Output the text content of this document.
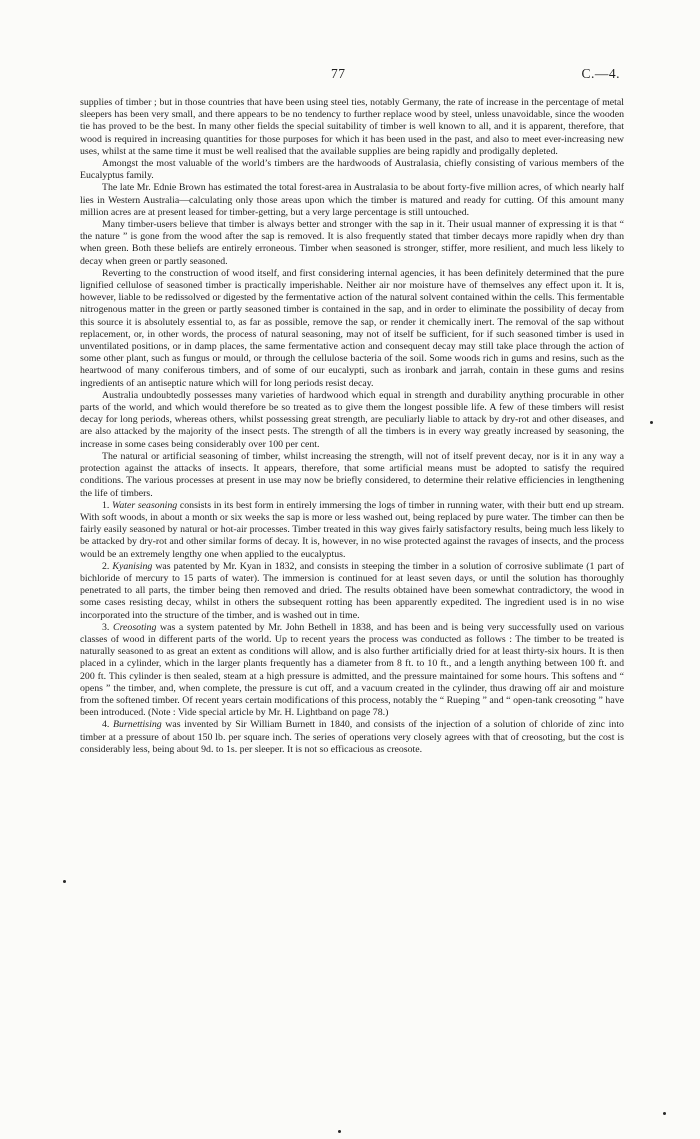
77	C.—4.

supplies of timber ; but in those countries that have been using steel ties, notably Germany, the rate of increase in the percentage of metal sleepers has been very small, and there appears to be no tendency to further replace wood by steel, unless unavoidable, since the wooden tie has proved to be the best. In many other fields the special suitability of timber is well known to all, and it is apparent, therefore, that wood is required in increasing quantities for those purposes for which it has been used in the past, and also to meet ever-increasing new uses, whilst at the same time it must be well realised that the available supplies are being rapidly and prodigally depleted.

Amongst the most valuable of the world’s timbers are the hardwoods of Australasia, chiefly consisting of various members of the Eucalyptus family.

The late Mr. Ednie Brown has estimated the total forest-area in Australasia to be about forty-five million acres, of which nearly half lies in Western Australia—calculating only those areas upon which the timber is matured and ready for cutting. Of this amount many million acres are at present leased for timber-getting, but a very large percentage is still untouched.

Many timber-users believe that timber is always better and stronger with the sap in it. Their usual manner of expressing it is that “ the nature ” is gone from the wood after the sap is removed. It is also frequently stated that timber decays more rapidly when dry than when green. Both these beliefs are entirely erroneous. Timber when seasoned is stronger, stiffer, more resilient, and much less likely to decay when green or partly seasoned.

Reverting to the construction of wood itself, and first considering internal agencies, it has been definitely determined that the pure lignified cellulose of seasoned timber is practically imperishable. Neither air nor moisture have of themselves any effect upon it. It is, however, liable to be redissolved or digested by the fermentative action of the natural solvent contained within the cells. This fermentable nitrogenous matter in the green or partly seasoned timber is contained in the sap, and in order to eliminate the possibility of decay from this source it is absolutely essential to, as far as possible, remove the sap, or render it chemically inert. The removal of the sap without replacement, or, in other words, the process of natural seasoning, may not of itself be sufficient, for if such seasoned timber is used in unventilated positions, or in damp places, the same fermentative action and consequent decay may still take place through the action of some other plant, such as fungus or mould, or through the cellulose bacteria of the soil. Some woods rich in gums and resins, such as the heartwood of many coniferous timbers, and of some of our eucalypti, such as ironbark and jarrah, contain in these gums and resins ingredients of an antiseptic nature which will for long periods resist decay.

Australia undoubtedly possesses many varieties of hardwood which equal in strength and durability anything procurable in other parts of the world, and which would therefore be so treated as to give them the longest possible life. A few of these timbers will resist decay for long periods, whereas others, whilst possessing great strength, are peculiarly liable to attack by dry-rot and other diseases, and are also attacked by the majority of the insect pests. The strength of all the timbers is in every way greatly increased by seasoning, the increase in some cases being considerably over 100 per cent.

The natural or artificial seasoning of timber, whilst increasing the strength, will not of itself prevent decay, nor is it in any way a protection against the attacks of insects. It appears, therefore, that some artificial means must be adopted to satisfy the required conditions. The various processes at present in use may now be briefly considered, to determine their relative efficiencies in lengthening the life of timbers.

1. Water seasoning consists in its best form in entirely immersing the logs of timber in running water, with their butt end up stream. With soft woods, in about a month or six weeks the sap is more or less washed out, being replaced by pure water. The timber can then be fairly easily seasoned by natural or hot-air processes. Timber treated in this way gives fairly satisfactory results, being much less likely to be attacked by dry-rot and other similar forms of decay. It is, however, in no wise protected against the ravages of insects, and the process would be an extremely lengthy one when applied to the eucalyptus.

2. Kyanising was patented by Mr. Kyan in 1832, and consists in steeping the timber in a solution of corrosive sublimate (1 part of bichloride of mercury to 15 parts of water). The immersion is continued for at least seven days, or until the solution has thoroughly penetrated to all parts, the timber being then removed and dried. The results obtained have been somewhat contradictory, the wood in some cases resisting decay, whilst in others the subsequent rotting has been apparently expedited. The ingredient used is in no wise incorporated into the structure of the timber, and is washed out in time.

3. Creosoting was a system patented by Mr. John Bethell in 1838, and has been and is being very successfully used on various classes of wood in different parts of the world. Up to recent years the process was conducted as follows : The timber to be treated is naturally seasoned to as great an extent as conditions will allow, and is also further artificially dried for at least thirty-six hours. It is then placed in a cylinder, which in the larger plants frequently has a diameter from 8 ft. to 10 ft., and a length anything between 100 ft. and 200 ft. This cylinder is then sealed, steam at a high pressure is admitted, and the pressure maintained for some hours. This softens and “ opens ” the timber, and, when complete, the pressure is cut off, and a vacuum created in the cylinder, thus drawing off air and moisture from the softened timber. Of recent years certain modifications of this process, notably the “ Rueping ” and “ open-tank creosoting ” have been introduced. (Note : Vide special article by Mr. H. Lightband on page 78.)

4. Burnettising was invented by Sir William Burnett in 1840, and consists of the injection of a solution of chloride of zinc into timber at a pressure of about 150 lb. per square inch. The series of operations very closely agrees with that of creosoting, but the cost is considerably less, being about 9d. to 1s. per sleeper. It is not so efficacious as creosote.
